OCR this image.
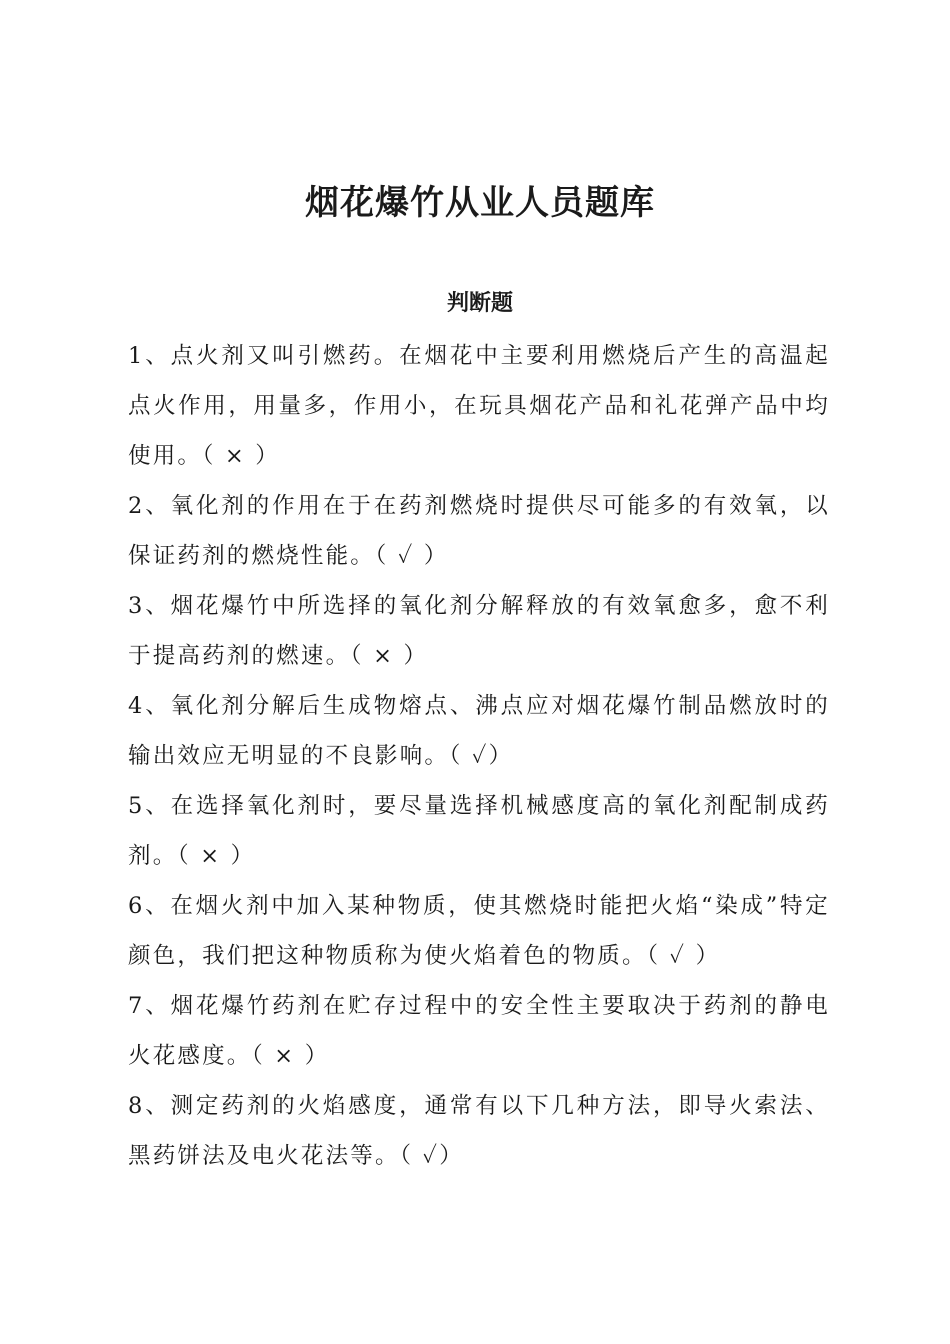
烟花爆竹从业人员题库
判断题
1、点火剂又叫引燃药。在烟花中主要利用燃烧后产生的高温起点火作用，用量多，作用小，在玩具烟花产品和礼花弹产品中均使用。（ × ）
2、氧化剂的作用在于在药剂燃烧时提供尽可能多的有效氧，以保证药剂的燃烧性能。（ ✓ ）
3、烟花爆竹中所选择的氧化剂分解释放的有效氧愈多，愈不利于提高药剂的燃速。（ × ）
4、氧化剂分解后生成物熔点、沸点应对烟花爆竹制品燃放时的输出效应无明显的不良影响。（ ✓）
5、在选择氧化剂时，要尽量选择机械感度高的氧化剂配制成药剂。（ × ）
6、在烟火剂中加入某种物质，使其燃烧时能把火焰“染成”特定颜色，我们把这种物质称为使火焰着色的物质。（ ✓ ）
7、烟花爆竹药剂在贮存过程中的安全性主要取决于药剂的静电火花感度。（ × ）
8、测定药剂的火焰感度，通常有以下几种方法，即导火索法、黑药饼法及电火花法等。（ ✓）
